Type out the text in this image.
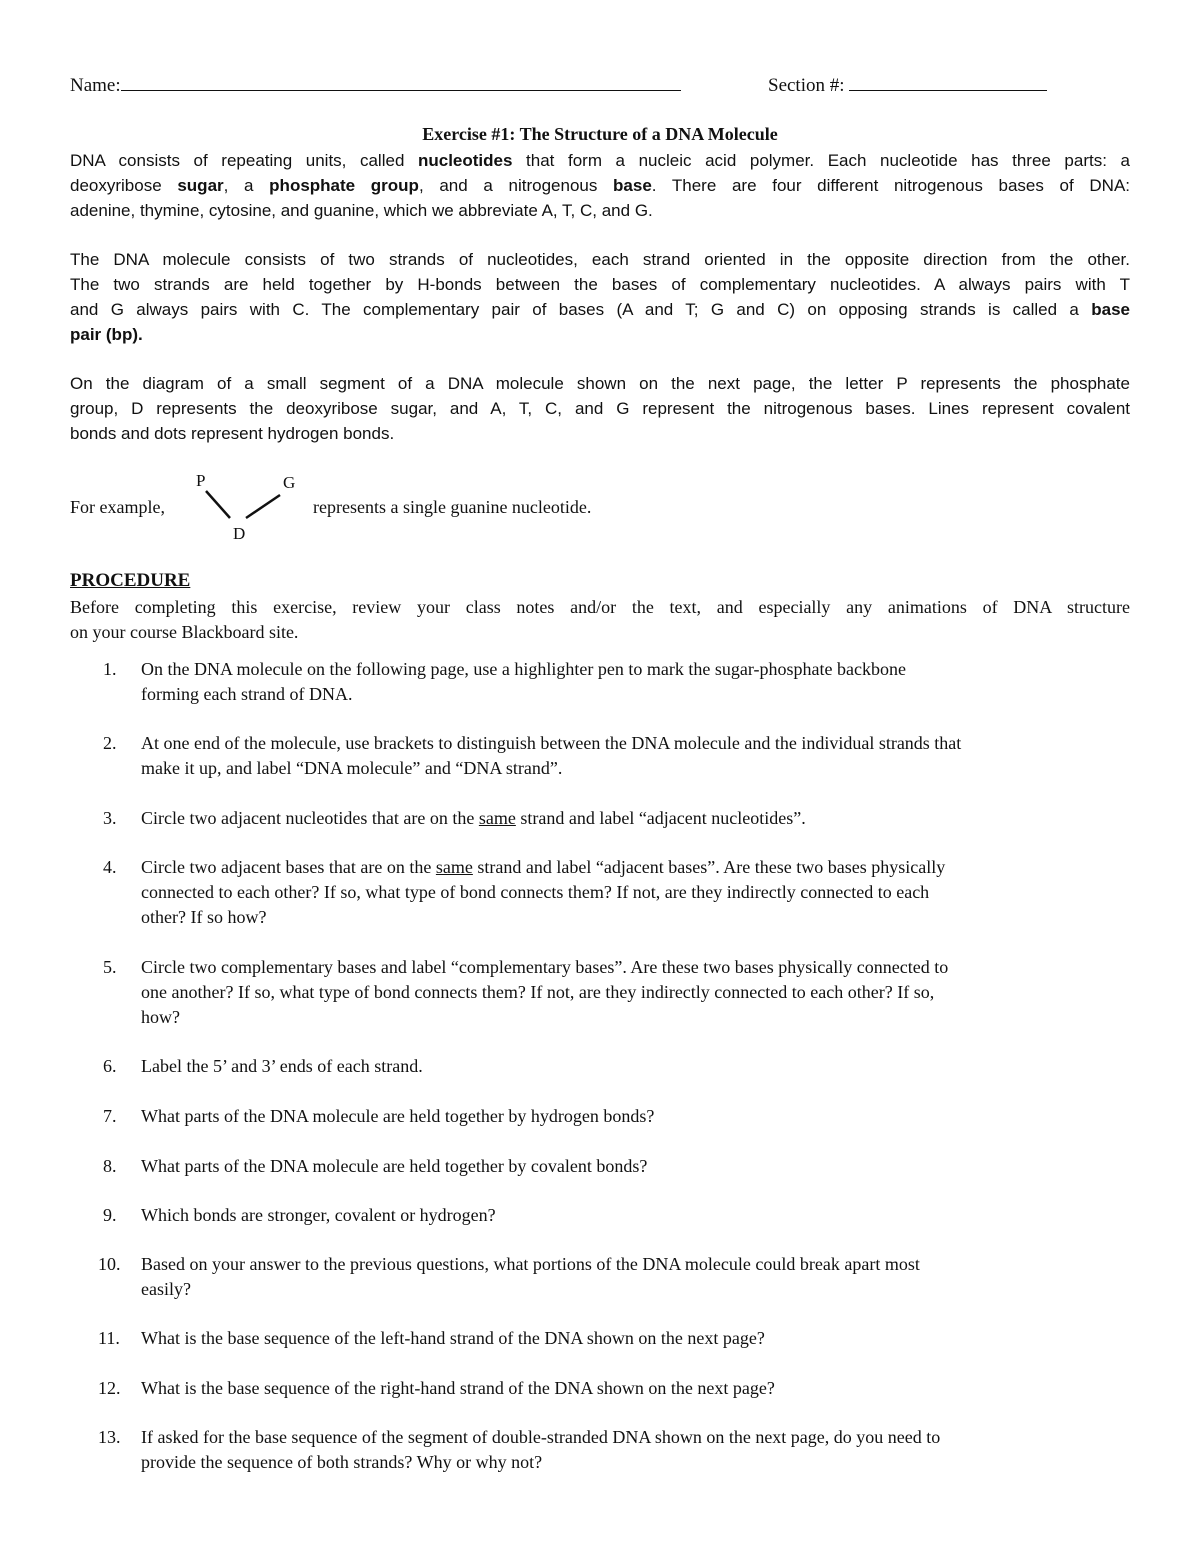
Name:	Section #:
Exercise #1: The Structure of a DNA Molecule
DNA consists of repeating units, called nucleotides that form a nucleic acid polymer. Each nucleotide has three parts: a
deoxyribose sugar, a phosphate group, and a nitrogenous base. There are four different nitrogenous bases of DNA:
adenine, thymine, cytosine, and guanine, which we abbreviate A, T, C, and G.
The DNA molecule consists of two strands of nucleotides, each strand oriented in the opposite direction from the other.
The two strands are held together by H-bonds between the bases of complementary nucleotides. A always pairs with T
and G always pairs with C. The complementary pair of bases (A and T; G and C) on opposing strands is called a base
pair (bp).
On the diagram of a small segment of a DNA molecule shown on the next page, the letter P represents the phosphate
group, D represents the deoxyribose sugar, and A, T, C, and G represent the nitrogenous bases. Lines represent covalent
bonds and dots represent hydrogen bonds.
For example,
P	G
D
represents a single guanine nucleotide.
PROCEDURE
Before completing this exercise, review your class notes and/or the text, and especially any animations of DNA structure
on your course Blackboard site.
1.	On the DNA molecule on the following page, use a highlighter pen to mark the sugar-phosphate backbone
forming each strand of DNA.
2.	At one end of the molecule, use brackets to distinguish between the DNA molecule and the individual strands that
make it up, and label “DNA molecule” and “DNA strand”.
3.	Circle two adjacent nucleotides that are on the same strand and label “adjacent nucleotides”.
4.	Circle two adjacent bases that are on the same strand and label “adjacent bases”. Are these two bases physically
connected to each other? If so, what type of bond connects them? If not, are they indirectly connected to each
other? If so how?
5.	Circle two complementary bases and label “complementary bases”. Are these two bases physically connected to
one another? If so, what type of bond connects them? If not, are they indirectly connected to each other? If so,
how?
6.	Label the 5’ and 3’ ends of each strand.
7.	What parts of the DNA molecule are held together by hydrogen bonds?
8.	What parts of the DNA molecule are held together by covalent bonds?
9.	Which bonds are stronger, covalent or hydrogen?
10.	Based on your answer to the previous questions, what portions of the DNA molecule could break apart most
easily?
11.	What is the base sequence of the left-hand strand of the DNA shown on the next page?
12.	What is the base sequence of the right-hand strand of the DNA shown on the next page?
13.	If asked for the base sequence of the segment of double-stranded DNA shown on the next page, do you need to
provide the sequence of both strands? Why or why not?
